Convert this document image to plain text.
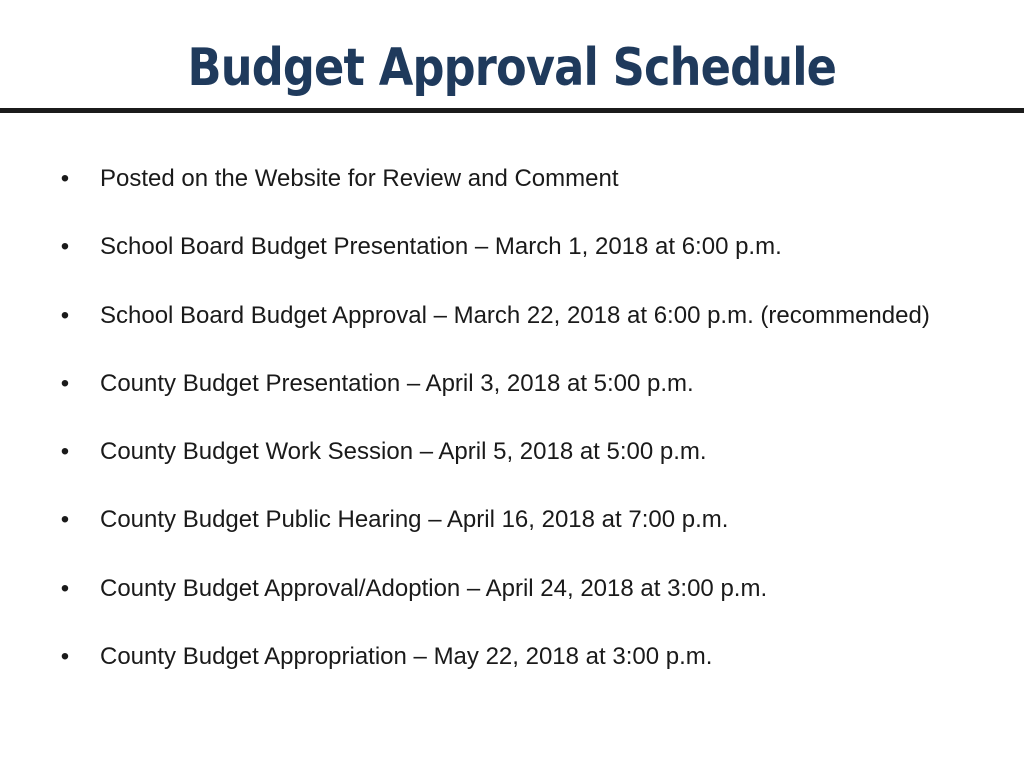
Budget Approval Schedule
• Posted on the Website for Review and Comment
• School Board Budget Presentation – March 1, 2018 at 6:00 p.m.
• School Board Budget Approval – March 22, 2018 at 6:00 p.m. (recommended)
• County Budget Presentation – April 3, 2018 at 5:00 p.m.
• County Budget Work Session – April 5, 2018 at 5:00 p.m.
• County Budget Public Hearing – April 16, 2018 at 7:00 p.m.
• County Budget Approval/Adoption – April 24, 2018 at 3:00 p.m.
• County Budget Appropriation – May 22, 2018 at 3:00 p.m.
